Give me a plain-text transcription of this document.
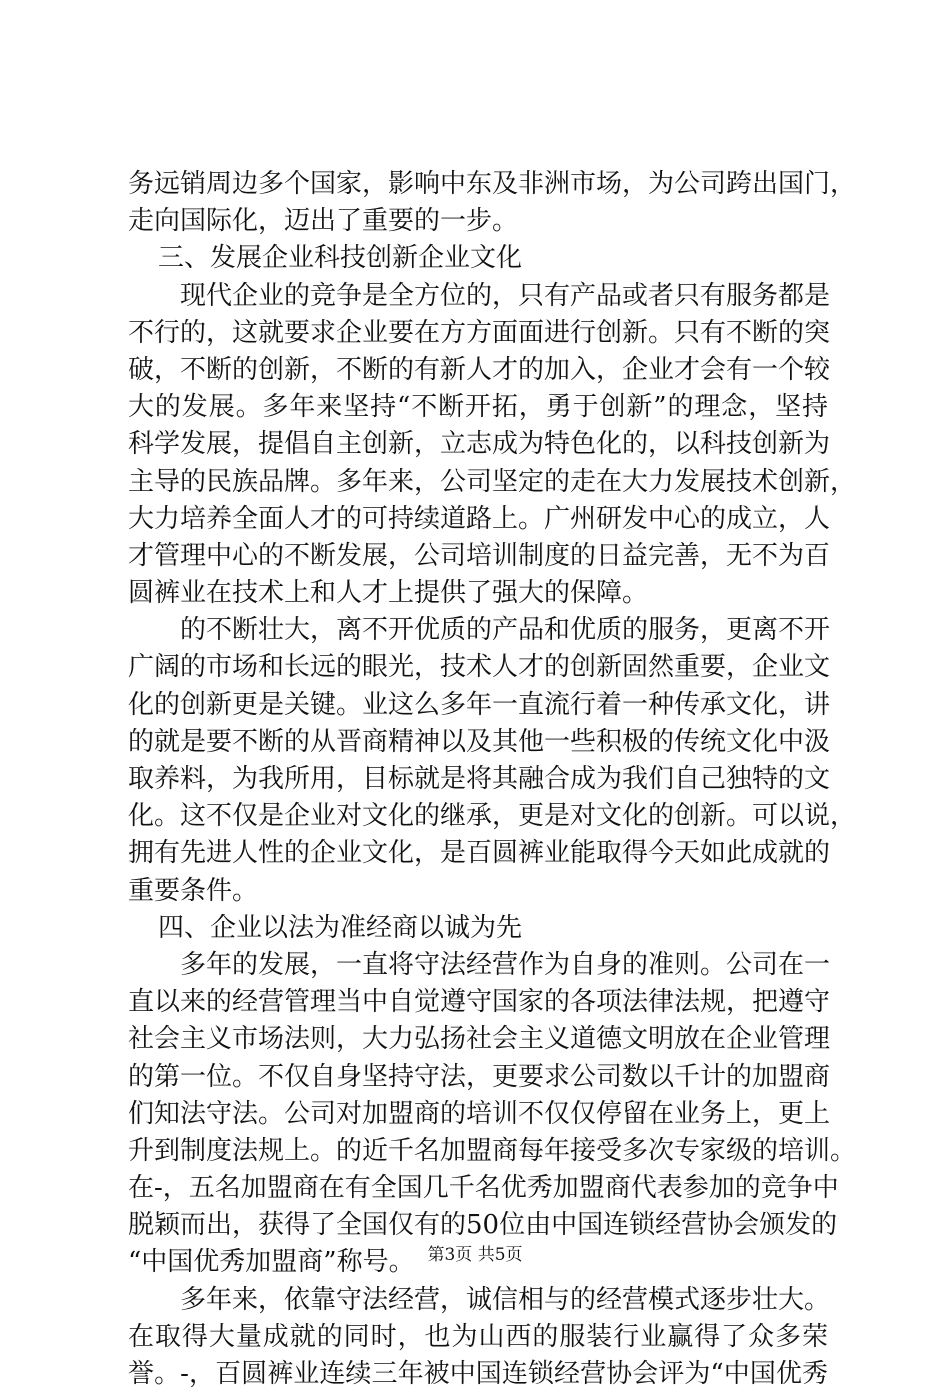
务远销周边多个国家，影响中东及非洲市场，为公司跨出国门，
走向国际化，迈出了重要的一步。
三、发展企业科技创新企业文化
现代企业的竞争是全方位的，只有产品或者只有服务都是
不行的，这就要求企业要在方方面面进行创新。只有不断的突
破，不断的创新，不断的有新人才的加入，企业才会有一个较
大的发展。多年来坚持“不断开拓，勇于创新”的理念，坚持
科学发展，提倡自主创新，立志成为特色化的，以科技创新为
主导的民族品牌。多年来，公司坚定的走在大力发展技术创新，
大力培养全面人才的可持续道路上。广州研发中心的成立，人
才管理中心的不断发展，公司培训制度的日益完善，无不为百
圆裤业在技术上和人才上提供了强大的保障。
的不断壮大，离不开优质的产品和优质的服务，更离不开
广阔的市场和长远的眼光，技术人才的创新固然重要，企业文
化的创新更是关键。业这么多年一直流行着一种传承文化，讲
的就是要不断的从晋商精神以及其他一些积极的传统文化中汲
取养料，为我所用，目标就是将其融合成为我们自己独特的文
化。这不仅是企业对文化的继承，更是对文化的创新。可以说，
拥有先进人性的企业文化，是百圆裤业能取得今天如此成就的
重要条件。
四、企业以法为准经商以诚为先
多年的发展，一直将守法经营作为自身的准则。公司在一
直以来的经营管理当中自觉遵守国家的各项法律法规，把遵守
社会主义市场法则，大力弘扬社会主义道德文明放在企业管理
的第一位。不仅自身坚持守法，更要求公司数以千计的加盟商
们知法守法。公司对加盟商的培训不仅仅停留在业务上，更上
升到制度法规上。的近千名加盟商每年接受多次专家级的培训。
在-，五名加盟商在有全国几千名优秀加盟商代表参加的竞争中
脱颖而出，获得了全国仅有的50位由中国连锁经营协会颁发的
“中国优秀加盟商”称号。
多年来，依靠守法经营，诚信相与的经营模式逐步壮大。
在取得大量成就的同时，也为山西的服装行业赢得了众多荣
誉。-，百圆裤业连续三年被中国连锁经营协会评为“中国优秀
第3页 共5页
